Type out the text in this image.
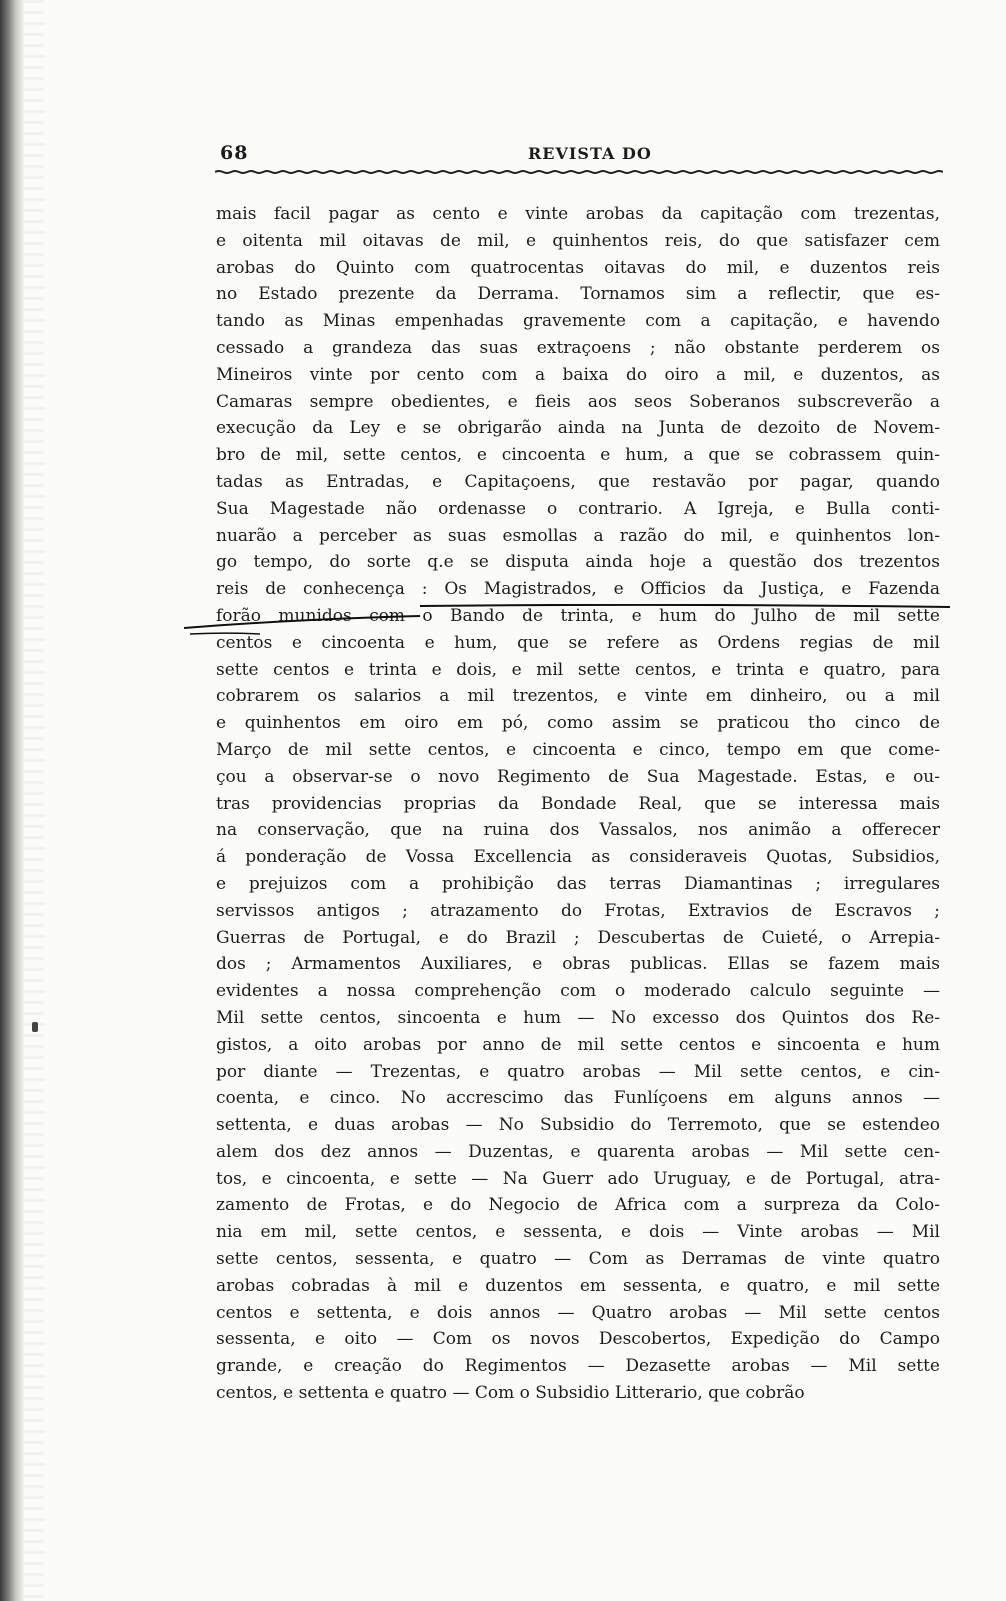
68	REVISTA DO
mais facil pagar as cento e vinte arobas da capitação com trezentas,
e oitenta mil oitavas de mil, e quinhentos reis, do que satisfazer cem
arobas do Quinto com quatrocentas oitavas do mil, e duzentos reis
no Estado prezente da Derrama. Tornamos sim a reflectir, que es-
tando as Minas empenhadas gravemente com a capitação, e havendo
cessado a grandeza das suas extraçoens ; não obstante perderem os
Mineiros vinte por cento com a baixa do oiro a mil, e duzentos, as
Camaras sempre obedientes, e fieis aos seos Soberanos subscreverão a
execução da Ley e se obrigarão ainda na Junta de dezoito de Novem-
bro de mil, sette centos, e cincoenta e hum, a que se cobrassem quin-
tadas as Entradas, e Capitaçoens, que restavão por pagar, quando
Sua Magestade não ordenasse o contrario. A Igreja, e Bulla conti-
nuarão a perceber as suas esmollas a razão do mil, e quinhentos lon-
go tempo, do sorte q.e se disputa ainda hoje a questão dos trezentos
reis de conhecença : Os Magistrados, e Officios da Justiça, e Fazenda
forão munidos com o Bando de trinta, e hum do Julho de mil sette
centos e cincoenta e hum, que se refere as Ordens regias de mil
sette centos e trinta e dois, e mil sette centos, e trinta e quatro, para
cobrarem os salarios a mil trezentos, e vinte em dinheiro, ou a mil
e quinhentos em oiro em pó, como assim se praticou tho cinco de
Março de mil sette centos, e cincoenta e cinco, tempo em que come-
çou a observar-se o novo Regimento de Sua Magestade. Estas, e ou-
tras providencias proprias da Bondade Real, que se interessa mais
na conservação, que na ruina dos Vassalos, nos animão a offerecer
á ponderação de Vossa Excellencia as consideraveis Quotas, Subsidios,
e prejuizos com a prohibição das terras Diamantinas ; irregulares
servissos antigos ; atrazamento do Frotas, Extravios de Escravos ;
Guerras de Portugal, e do Brazil ; Descubertas de Cuieté, o Arrepia-
dos ; Armamentos Auxiliares, e obras publicas. Ellas se fazem mais
evidentes a nossa comprehenção com o moderado calculo seguinte —
Mil sette centos, sincoenta e hum — No excesso dos Quintos dos Re-
gistos, a oito arobas por anno de mil sette centos e sincoenta e hum
por diante — Trezentas, e quatro arobas — Mil sette centos, e cin-
coenta, e cinco. No accrescimo das Funlíçoens em alguns annos —
settenta, e duas arobas — No Subsidio do Terremoto, que se estendeo
alem dos dez annos — Duzentas, e quarenta arobas — Mil sette cen-
tos, e cincoenta, e sette — Na Guerr ado Uruguay, e de Portugal, atra-
zamento de Frotas, e do Negocio de Africa com a surpreza da Colo-
nia em mil, sette centos, e sessenta, e dois — Vinte arobas — Mil
sette centos, sessenta, e quatro — Com as Derramas de vinte quatro
arobas cobradas à mil e duzentos em sessenta, e quatro, e mil sette
centos e settenta, e dois annos — Quatro arobas — Mil sette centos
sessenta, e oito — Com os novos Descobertos, Expedição do Campo
grande, e creação do Regimentos — Dezasette arobas — Mil sette
centos, e settenta e quatro — Com o Subsidio Litterario, que cobrão
